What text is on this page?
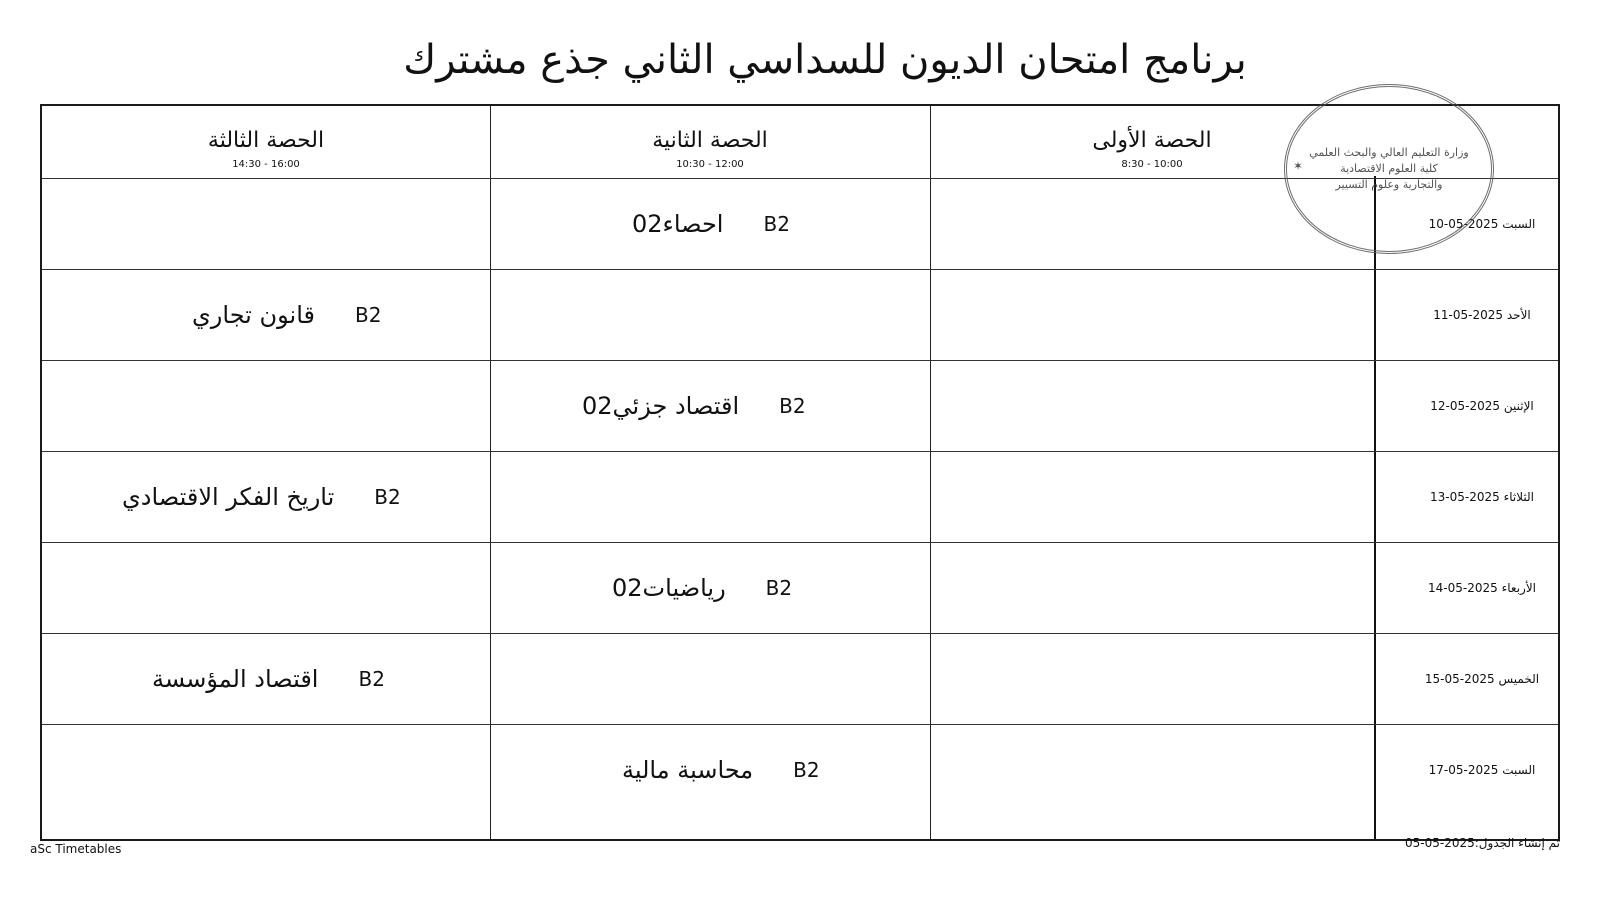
برنامج امتحان الديون للسداسي الثاني جذع مشترك
الحصة الثالثة
14:30 - 16:00
الحصة الثانية
10:30 - 12:00
الحصة الأولى
8:30 - 10:00
السبت 2025-05-10
B2
احصاء02
الأحد 2025-05-11
B2
قانون تجاري
الإثنين 2025-05-12
B2
اقتصاد جزئي02
الثلاثاء 2025-05-13
B2
تاريخ الفكر الاقتصادي
الأربعاء 2025-05-14
B2
رياضيات02
الخميس 2025-05-15
B2
اقتصاد المؤسسة
السبت 2025-05-17
B2
محاسبة مالية
✶
وزارة التعليم العالي والبحث العلمي
كلية العلوم الاقتصادية
والتجارية وعلوم التسيير
aSc Timetables	تم إنشاء الجدول:2025-05-05
